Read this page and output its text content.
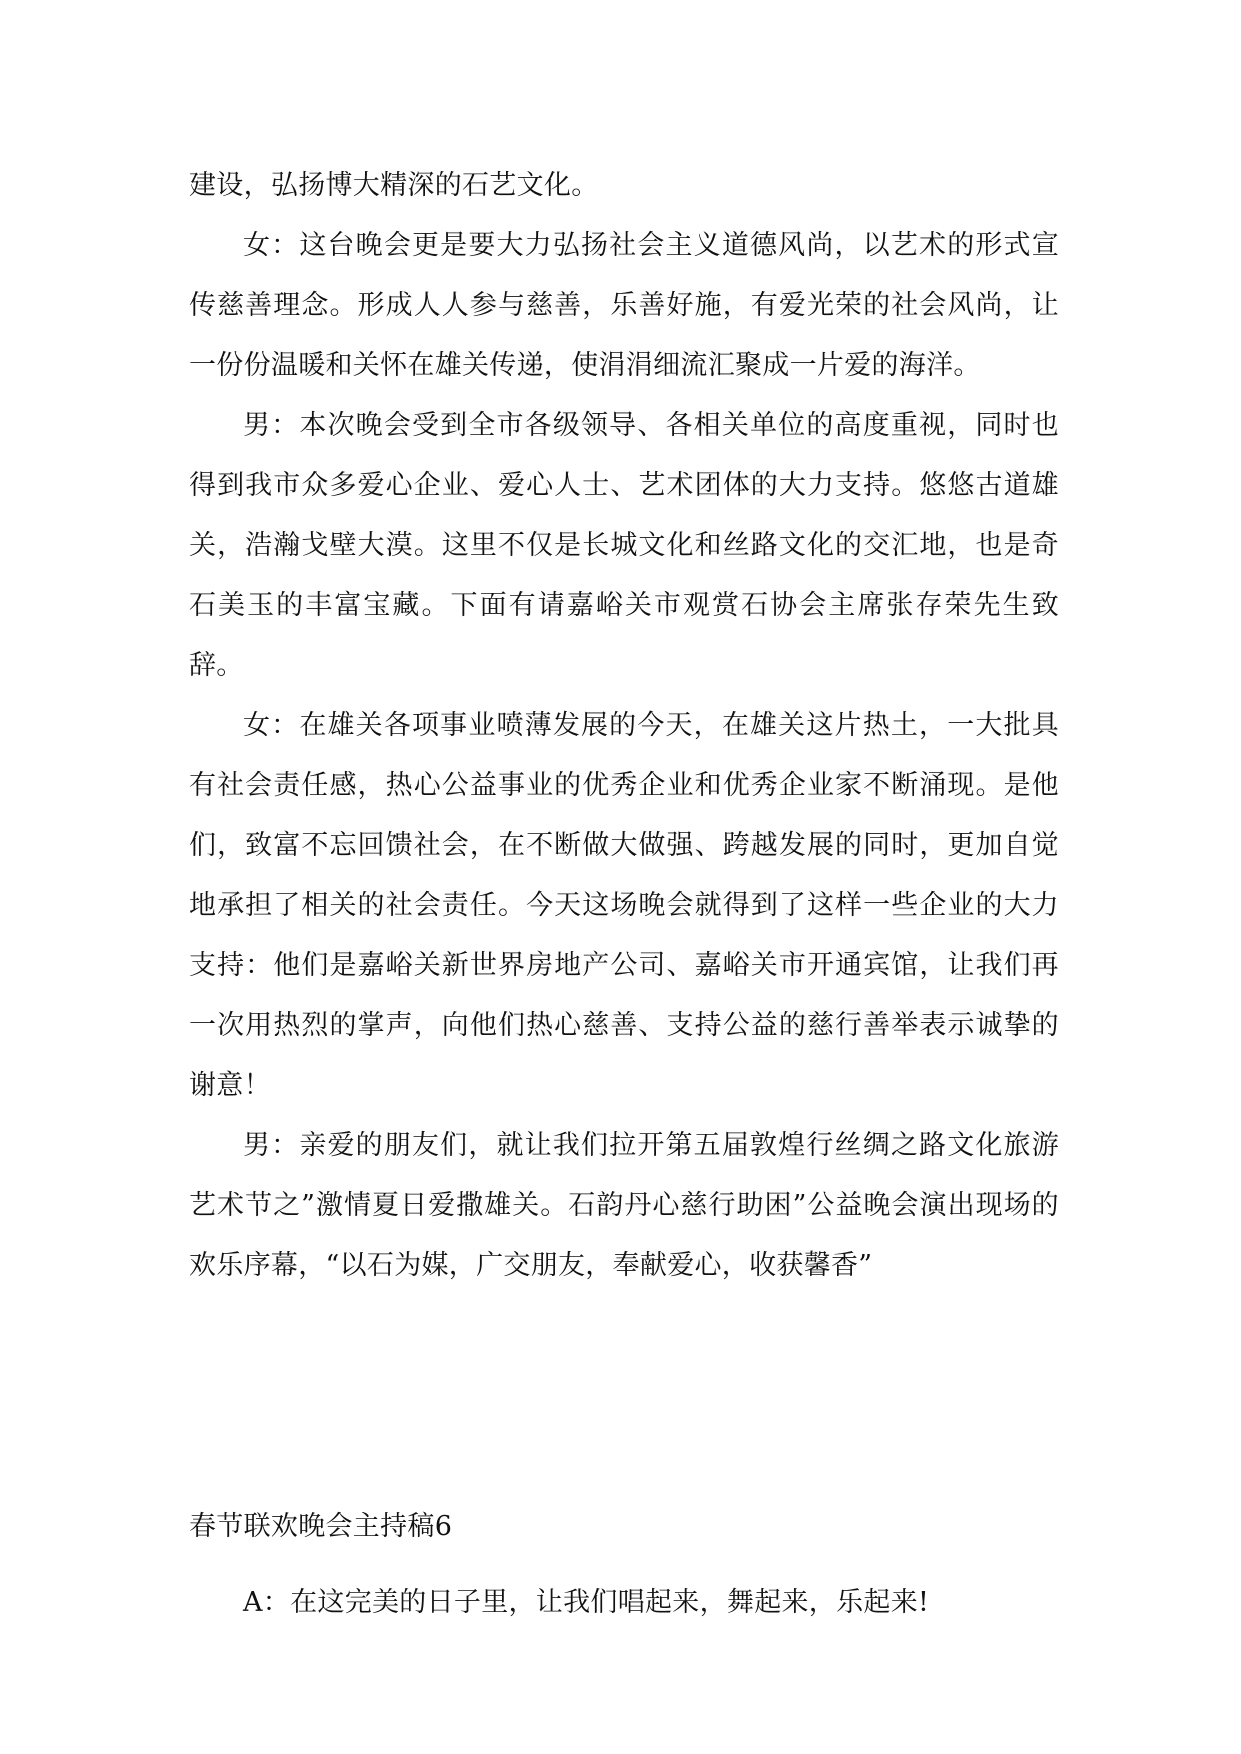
建设，弘扬博大精深的石艺文化。

女：这台晚会更是要大力弘扬社会主义道德风尚，以艺术的形式宣传慈善理念。形成人人参与慈善，乐善好施，有爱光荣的社会风尚，让一份份温暖和关怀在雄关传递，使涓涓细流汇聚成一片爱的海洋。

男：本次晚会受到全市各级领导、各相关单位的高度重视，同时也得到我市众多爱心企业、爱心人士、艺术团体的大力支持。悠悠古道雄关，浩瀚戈壁大漠。这里不仅是长城文化和丝路文化的交汇地，也是奇石美玉的丰富宝藏。下面有请嘉峪关市观赏石协会主席张存荣先生致辞。

女：在雄关各项事业喷薄发展的今天，在雄关这片热土，一大批具有社会责任感，热心公益事业的优秀企业和优秀企业家不断涌现。是他们，致富不忘回馈社会，在不断做大做强、跨越发展的同时，更加自觉地承担了相关的社会责任。今天这场晚会就得到了这样一些企业的大力支持：他们是嘉峪关新世界房地产公司、嘉峪关市开通宾馆，让我们再一次用热烈的掌声，向他们热心慈善、支持公益的慈行善举表示诚挚的谢意！

男：亲爱的朋友们，就让我们拉开第五届敦煌行丝绸之路文化旅游艺术节之”激情夏日爱撒雄关。石韵丹心慈行助困”公益晚会演出现场的欢乐序幕，“以石为媒，广交朋友，奉献爱心，收获馨香”

春节联欢晚会主持稿6

A：在这完美的日子里，让我们唱起来，舞起来，乐起来!
